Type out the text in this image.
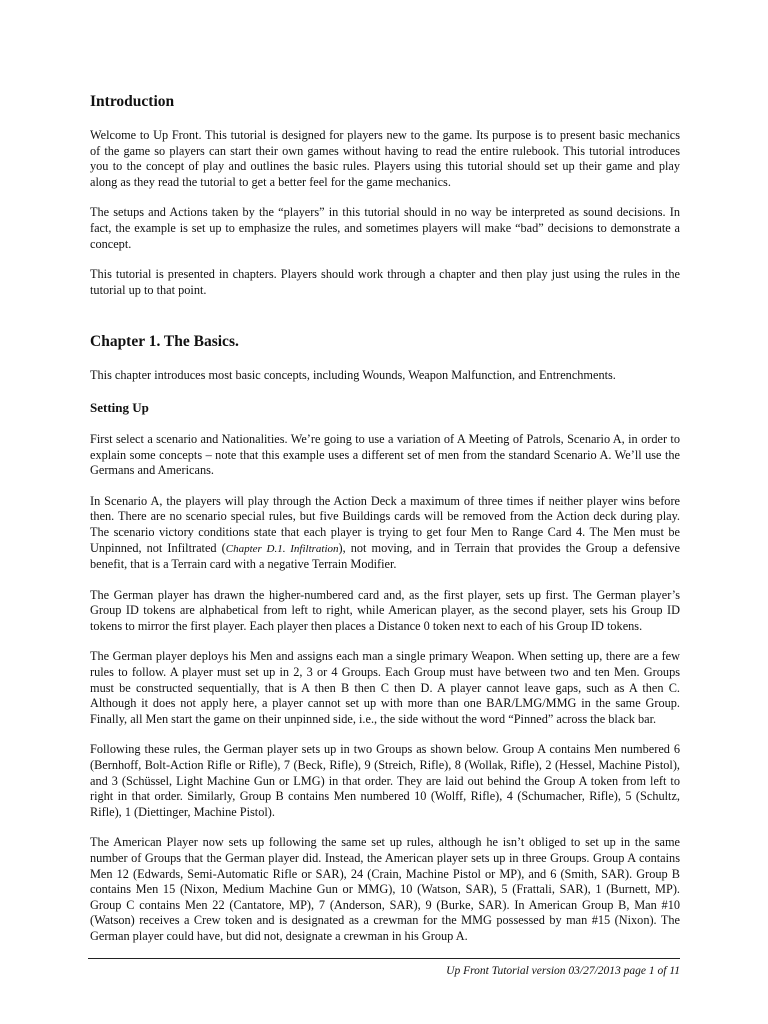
Introduction

Welcome to Up Front. This tutorial is designed for players new to the game. Its purpose is to present basic mechanics of the game so players can start their own games without having to read the entire rulebook. This tutorial introduces you to the concept of play and outlines the basic rules. Players using this tutorial should set up their game and play along as they read the tutorial to get a better feel for the game mechanics.

The setups and Actions taken by the “players” in this tutorial should in no way be interpreted as sound decisions. In fact, the example is set up to emphasize the rules, and sometimes players will make “bad” decisions to demonstrate a concept.

This tutorial is presented in chapters. Players should work through a chapter and then play just using the rules in the tutorial up to that point.

Chapter 1. The Basics.

This chapter introduces most basic concepts, including Wounds, Weapon Malfunction, and Entrenchments.

Setting Up

First select a scenario and Nationalities. We’re going to use a variation of A Meeting of Patrols, Scenario A, in order to explain some concepts – note that this example uses a different set of men from the standard Scenario A. We’ll use the Germans and Americans.

In Scenario A, the players will play through the Action Deck a maximum of three times if neither player wins before then. There are no scenario special rules, but five Buildings cards will be removed from the Action deck during play. The scenario victory conditions state that each player is trying to get four Men to Range Card 4. The Men must be Unpinned, not Infiltrated (Chapter D.1. Infiltration), not moving, and in Terrain that provides the Group a defensive benefit, that is a Terrain card with a negative Terrain Modifier.

The German player has drawn the higher-numbered card and, as the first player, sets up first. The German player’s Group ID tokens are alphabetical from left to right, while American player, as the second player, sets his Group ID tokens to mirror the first player. Each player then places a Distance 0 token next to each of his Group ID tokens.

The German player deploys his Men and assigns each man a single primary Weapon. When setting up, there are a few rules to follow. A player must set up in 2, 3 or 4 Groups. Each Group must have between two and ten Men. Groups must be constructed sequentially, that is A then B then C then D. A player cannot leave gaps, such as A then C. Although it does not apply here, a player cannot set up with more than one BAR/LMG/MMG in the same Group. Finally, all Men start the game on their unpinned side, i.e., the side without the word “Pinned” across the black bar.

Following these rules, the German player sets up in two Groups as shown below. Group A contains Men numbered 6 (Bernhoff, Bolt-Action Rifle or Rifle), 7 (Beck, Rifle), 9 (Streich, Rifle), 8 (Wollak, Rifle), 2 (Hessel, Machine Pistol), and 3 (Schüssel, Light Machine Gun or LMG) in that order. They are laid out behind the Group A token from left to right in that order. Similarly, Group B contains Men numbered 10 (Wolff, Rifle), 4 (Schumacher, Rifle), 5 (Schultz, Rifle), 1 (Diettinger, Machine Pistol).

The American Player now sets up following the same set up rules, although he isn’t obliged to set up in the same number of Groups that the German player did. Instead, the American player sets up in three Groups. Group A contains Men 12 (Edwards, Semi-Automatic Rifle or SAR), 24 (Crain, Machine Pistol or MP), and 6 (Smith, SAR). Group B contains Men 15 (Nixon, Medium Machine Gun or MMG), 10 (Watson, SAR), 5 (Frattali, SAR), 1 (Burnett, MP). Group C contains Men 22 (Cantatore, MP), 7 (Anderson, SAR), 9 (Burke, SAR). In American Group B, Man #10 (Watson) receives a Crew token and is designated as a crewman for the MMG possessed by man #15 (Nixon). The German player could have, but did not, designate a crewman in his Group A.

Up Front Tutorial version 03/27/2013 page 1 of 11
